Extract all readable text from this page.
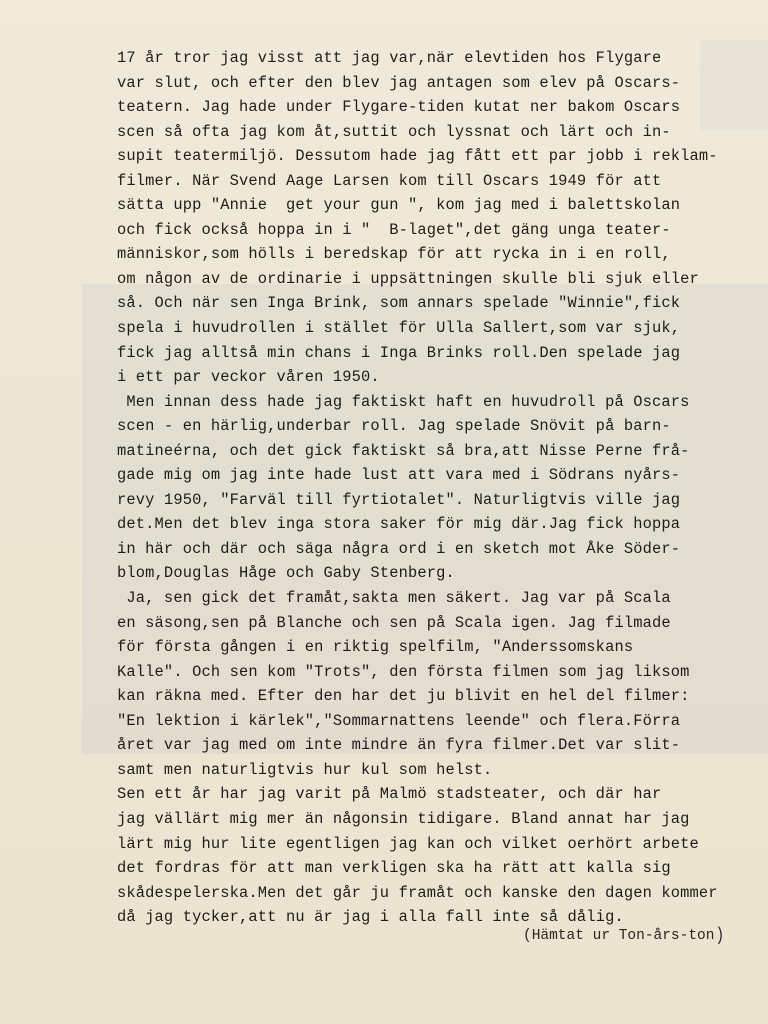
17 år tror jag visst att jag var,när elevtiden hos Flygare
var slut, och efter den blev jag antagen som elev på Oscars-
teatern. Jag hade under Flygare-tiden kutat ner bakom Oscars
scen så ofta jag kom åt,suttit och lyssnat och lärt och in-
supit teatermiljö. Dessutom hade jag fått ett par jobb i reklam-
filmer. När Svend Aage Larsen kom till Oscars 1949 för att
sätta upp "Annie  get your gun ", kom jag med i balettskolan
och fick också hoppa in i "  B-laget",det gäng unga teater-
människor,som hölls i beredskap för att rycka in i en roll,
om någon av de ordinarie i uppsättningen skulle bli sjuk eller
så. Och när sen Inga Brink, som annars spelade "Winnie",fick
spela i huvudrollen i stället för Ulla Sallert,som var sjuk,
fick jag alltså min chans i Inga Brinks roll.Den spelade jag
i ett par veckor våren 1950.
Men innan dess hade jag faktiskt haft en huvudroll på Oscars
scen - en härlig,underbar roll. Jag spelade Snövit på barn-
matineérna, och det gick faktiskt så bra,att Nisse Perne frå-
gade mig om jag inte hade lust att vara med i Södrans nyårs-
revy 1950, "Farväl till fyrtiotalet". Naturligtvis ville jag
det.Men det blev inga stora saker för mig där.Jag fick hoppa
in här och där och säga några ord i en sketch mot Åke Söder-
blom,Douglas Håge och Gaby Stenberg.
Ja, sen gick det framåt,sakta men säkert. Jag var på Scala
en säsong,sen på Blanche och sen på Scala igen. Jag filmade
för första gången i en riktig spelfilm, "Anderssomskans
Kalle". Och sen kom "Trots", den första filmen som jag liksom
kan räkna med. Efter den har det ju blivit en hel del filmer:
"En lektion i kärlek","Sommarnattens leende" och flera.Förra
året var jag med om inte mindre än fyra filmer.Det var slit-
samt men naturligtvis hur kul som helst.
Sen ett år har jag varit på Malmö stadsteater, och där har
jag vällärt mig mer än någonsin tidigare. Bland annat har jag
lärt mig hur lite egentligen jag kan och vilket oerhört arbete
det fordras för att man verkligen ska ha rätt att kalla sig
skådespelerska.Men det går ju framåt och kanske den dagen kommer
då jag tycker,att nu är jag i alla fall inte så dålig.

(Hämtat ur Ton-års-ton)
